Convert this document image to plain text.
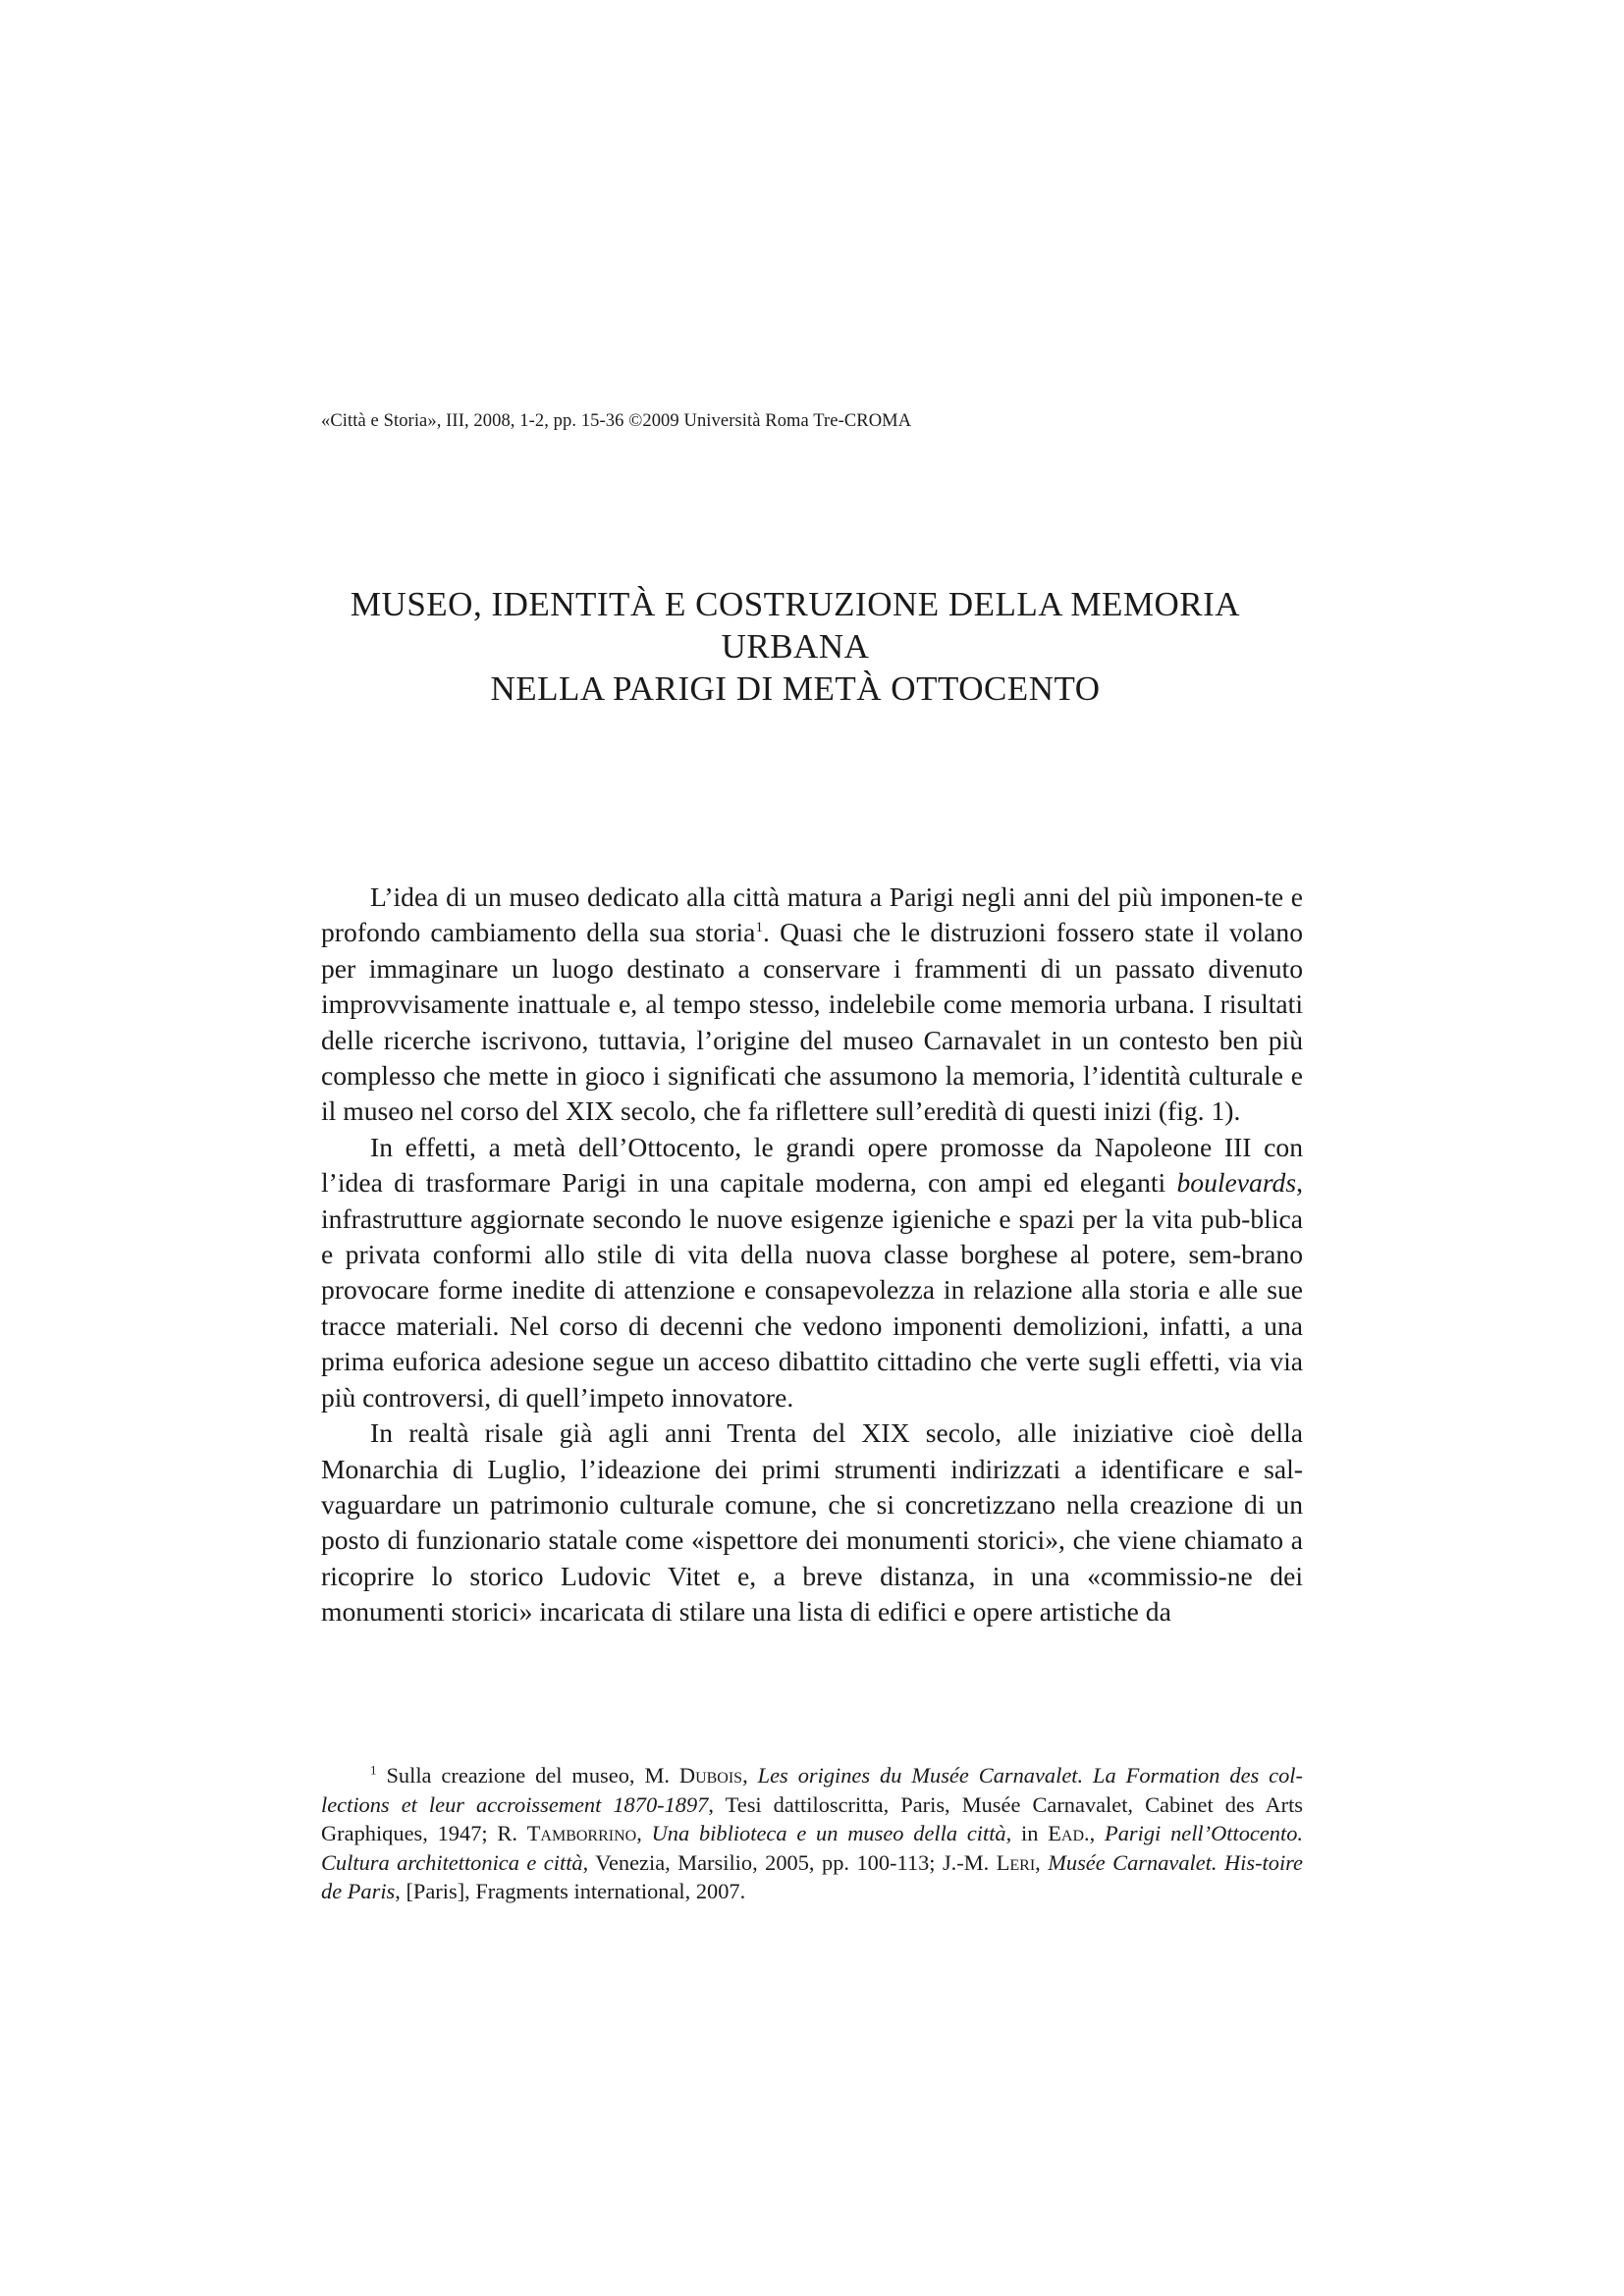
«Città e Storia», III, 2008, 1-2, pp. 15-36 ©2009 Università Roma Tre-CROMA
MUSEO, IDENTITÀ E COSTRUZIONE DELLA MEMORIA URBANA
NELLA PARIGI DI METÀ OTTOCENTO

L’idea di un museo dedicato alla città matura a Parigi negli anni del più imponen-te e profondo cambiamento della sua storia$^1$. Quasi che le distruzioni fossero state il volano per immaginare un luogo destinato a conservare i frammenti di un passato divenuto improvvisamente inattuale e, al tempo stesso, indelebile come memoria urbana. I risultati delle ricerche iscrivono, tuttavia, l’origine del museo Carnavalet in un contesto ben più complesso che mette in gioco i significati che assumono la memoria, l’identità culturale e il museo nel corso del XIX secolo, che fa riflettere sull’eredità di questi inizi (fig. 1).

In effetti, a metà dell’Ottocento, le grandi opere promosse da Napoleone III con l’idea di trasformare Parigi in una capitale moderna, con ampi ed eleganti boulevards, infrastrutture aggiornate secondo le nuove esigenze igieniche e spazi per la vita pub-blica e privata conformi allo stile di vita della nuova classe borghese al potere, sem-brano provocare forme inedite di attenzione e consapevolezza in relazione alla storia e alle sue tracce materiali. Nel corso di decenni che vedono imponenti demolizioni, infatti, a una prima euforica adesione segue un acceso dibattito cittadino che verte sugli effetti, via via più controversi, di quell’impeto innovatore.

In realtà risale già agli anni Trenta del XIX secolo, alle iniziative cioè della Monarchia di Luglio, l’ideazione dei primi strumenti indirizzati a identificare e sal-vaguardare un patrimonio culturale comune, che si concretizzano nella creazione di un posto di funzionario statale come «ispettore dei monumenti storici», che viene chiamato a ricoprire lo storico Ludovic Vitet e, a breve distanza, in una «commissio-ne dei monumenti storici» incaricata di stilare una lista di edifici e opere artistiche da

$^1$ Sulla creazione del museo, M. Dubois, Les origines du Musée Carnavalet. La Formation des col-lections et leur accroissement 1870-1897, Tesi dattiloscritta, Paris, Musée Carnavalet, Cabinet des Arts Graphiques, 1947; R. Tamborrino, Una biblioteca e un museo della città, in Ead., Parigi nell’Ottocento. Cultura architettonica e città, Venezia, Marsilio, 2005, pp. 100-113; J.-M. Leri, Musée Carnavalet. His-toire de Paris, [Paris], Fragments international, 2007.
